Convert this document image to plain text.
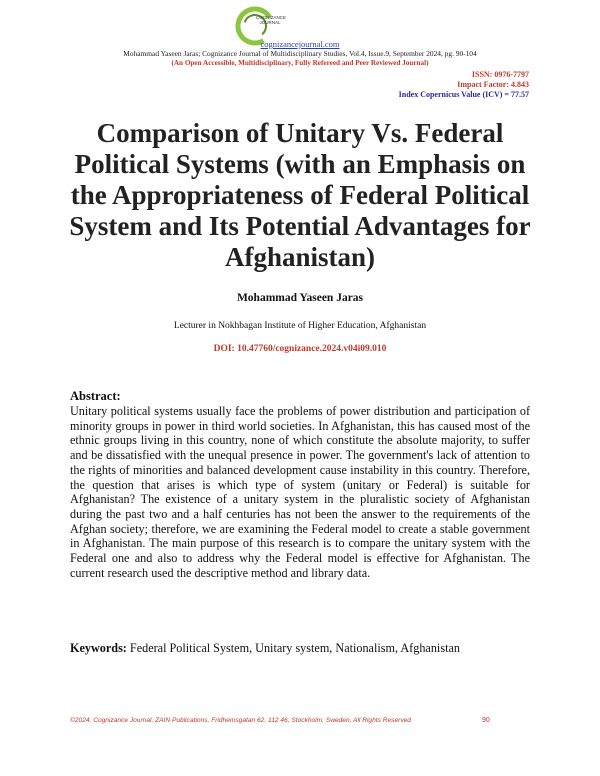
COGNIZANCE JOURNAL
cognizancejournal.com
Mohammad Yaseen Jaras; Cognizance Journal of Multidisciplinary Studies, Vol.4, Issue.9, September 2024, pg. 90-104
(An Open Accessible, Multidisciplinary, Fully Refereed and Peer Reviewed Journal)
ISSN: 0976-7797
Impact Factor: 4.843
Index Copernicus Value (ICV) = 77.57
Comparison of Unitary Vs. Federal Political Systems (with an Emphasis on the Appropriateness of Federal Political System and Its Potential Advantages for Afghanistan)
Mohammad Yaseen Jaras
Lecturer in Nokhbagan Institute of Higher Education, Afghanistan
DOI: 10.47760/cognizance.2024.v04i09.010
Abstract:
Unitary political systems usually face the problems of power distribution and participation of minority groups in power in third world societies. In Afghanistan, this has caused most of the ethnic groups living in this country, none of which constitute the absolute majority, to suffer and be dissatisfied with the unequal presence in power. The government's lack of attention to the rights of minorities and balanced development cause instability in this country. Therefore, the question that arises is which type of system (unitary or Federal) is suitable for Afghanistan? The existence of a unitary system in the pluralistic society of Afghanistan during the past two and a half centuries has not been the answer to the requirements of the Afghan society; therefore, we are examining the Federal model to create a stable government in Afghanistan. The main purpose of this research is to compare the unitary system with the Federal one and also to address why the Federal model is effective for Afghanistan. The current research used the descriptive method and library data.
Keywords: Federal Political System, Unitary system, Nationalism, Afghanistan
©2024, Cognizance Journal, ZAIN Publications, Fridhemsgatan 62, 112 46, Stockholm, Sweden, All Rights Reserved	90
